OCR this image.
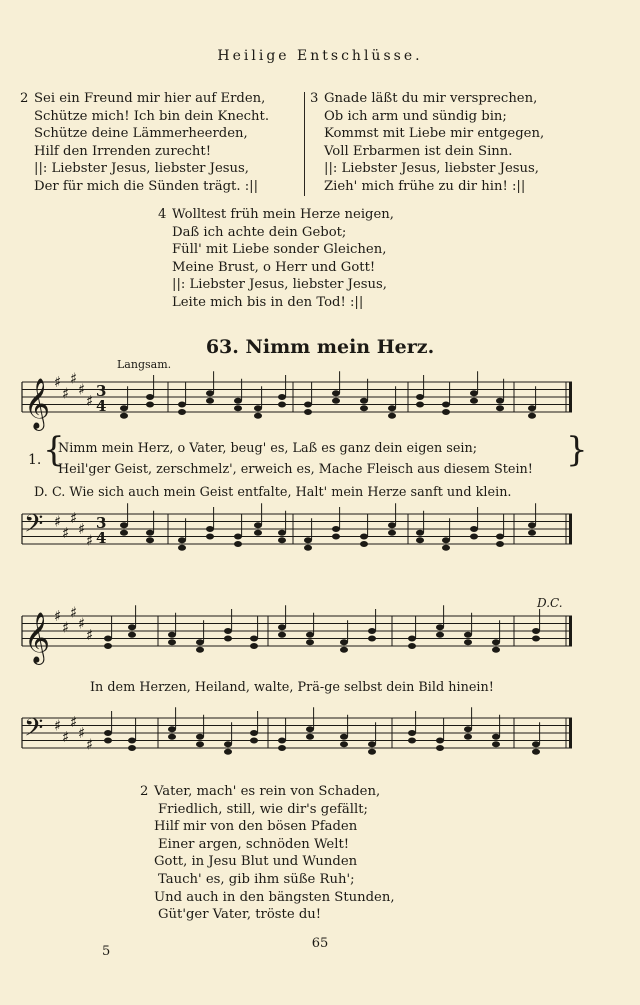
Heilige Entschlüsse.
2 Sei ein Freund mir hier auf Erden,
Schütze mich! Ich bin dein Knecht.
Schütze deine Lämmerheerden,
Hilf den Irrenden zurecht!
||: Liebster Jesus, liebster Jesus,
Der für mich die Sünden trägt. :||
3 Gnade läßt du mir versprechen,
Ob ich arm und sündig bin;
Kommst mit Liebe mir entgegen,
Voll Erbarmen ist dein Sinn.
||: Liebster Jesus, liebster Jesus,
Zieh' mich frühe zu dir hin! :||
4 Wolltest früh mein Herze neigen,
Daß ich achte dein Gebot;
Füll' mit Liebe sonder Gleichen,
Meine Brust, o Herr und Gott!
||: Liebster Jesus, liebster Jesus,
Leite mich bis in den Tod! :||
63. Nimm mein Herz.
Langsam.
𝄞 ♯
♯
♯
♯
♯
3
4
1. {	}
Nimm mein Herz, o Vater, beug' es, Laß es ganz dein eigen sein;
Heil'ger Geist, zerschmelz', erweich es, Mache Fleisch aus diesem Stein!
D. C. Wie sich auch mein Geist entfalte, Halt' mein Herze sanft und klein.
𝄢 ♯
♯
♯
♯
♯
3
4
D.C.
𝄞 ♯
♯
♯
♯
♯
In dem Herzen, Heiland, walte, Prä-ge selbst dein Bild hinein!
𝄢 ♯
♯
♯
♯
♯
2 Vater, mach' es rein von Schaden,
Friedlich, still, wie dir's gefällt;
Hilf mir von den bösen Pfaden
Einer argen, schnöden Welt!
Gott, in Jesu Blut und Wunden
Tauch' es, gib ihm süße Ruh';
Und auch in den bängsten Stunden,
Güt'ger Vater, tröste du!
65
5
